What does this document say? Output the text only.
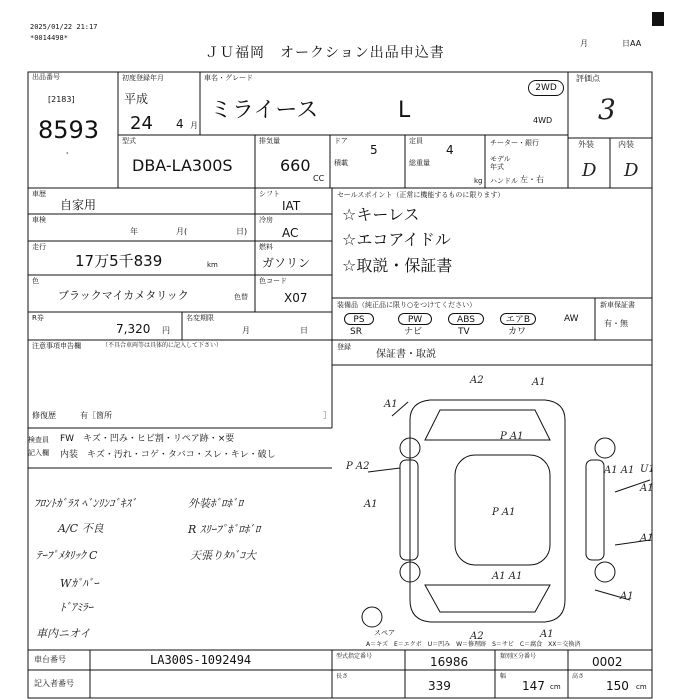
2025/01/22 21:17
*0014498*
ＪＵ福岡　オークション出品申込書
月	日AA
出品番号
[2183]
8593
'
初度登録年月
平成
24 4 月
車名・グレード
ミライース	L
2WD
4WD
評価点
3
外装	内装
D D
型式
DBA-LA300S
排気量
660
CC
ドア
5
定員
4	チーター・銀行
モデル
年式
積載	総重量
kg ハンドル 左・右
車歴
自家用
車検
年	月(	日)
走行
17万5千839	km
シフト
IAT
冷房
AC
燃料
ガソリン
色
ブラックマイカメタリック	色替
色コード
X07
R券
7,320 円
名変期限
月	日
セールスポイント（正常に機能するものに限ります）
☆キーレス
☆エコアイドル
☆取説・保証書
装備品（純正品に限り○をつけてください）
PS	PW	ABS	エアB	AW
SR	ナビ	TV	カワ
新車保証書
有・無
登録
保証書・取説
注意事項申告欄	（不具合車両等は具体的に記入して下さい）
修復歴	有［箇所	］
検査員
記入欄
FW　キズ・凹み・ヒビ割・リペア跡・×要
内装　キズ・汚れ・コゲ・タバコ・スレ・キレ・破し
ﾌﾛﾝﾄｶﾞﾗｽ ﾍﾞﾝﾘﾝｺﾞｷｽﾞ
A/C 不良
ﾃｰﾌﾟﾒﾀﾘｯｸ C
Wｶﾞﾊﾞｰ
ﾄﾞｱﾐﾗｰ
車内ニオイ
外装ﾎﾞﾛﾎﾞﾛ
R ｽﾘｰﾌﾟﾎﾞﾛﾎﾞﾛ
天張りﾀﾊﾞｺ大
スペア
A2	A1
A1
P A1
A1 A1
P A1
P A2	U1
A1
A1
A1
A1 A1
A1
A2	A1
A＝キズ　E＝エクボ　U＝凹み　W＝修理跡　S＝サビ　C＝腐食　XX＝交換済
車台番号	LA300S-1092494
記入者番号
型式指定番号	16986	類別区分番号	0002
長さ
339
幅
147 cm
高さ
150 cm
